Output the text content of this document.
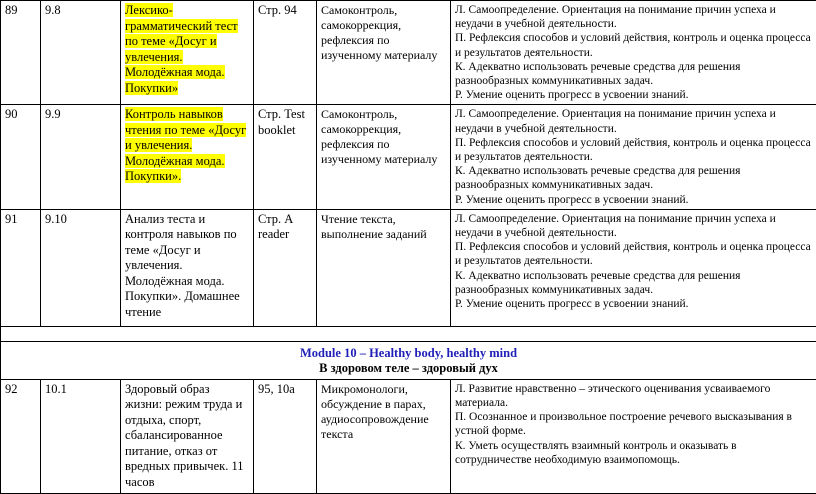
89	9.8	Лексико-грамматический тест по теме «Досуг и увлечения. Молодёжная мода. Покупки»	Стр. 94	Самоконтроль, самокоррекция, рефлексия по изученному материалу	Л. Самоопределение. Ориентация на понимание причин успеха и неудачи в учебной деятельности.
П. Рефлексия способов и условий действия, контроль и оценка процесса и результатов деятельности.
К. Адекватно использовать речевые средства для решения разнообразных коммуникативных задач.
Р. Умение оценить прогресс в усвоении знаний.

90	9.9	Контроль навыков чтения по теме «Досуг и увлечения. Молодёжная мода. Покупки».	Стр. Test booklet	Самоконтроль, самокоррекция, рефлексия по изученному материалу	Л. Самоопределение. Ориентация на понимание причин успеха и неудачи в учебной деятельности.
П. Рефлексия способов и условий действия, контроль и оценка процесса и результатов деятельности.
К. Адекватно использовать речевые средства для решения разнообразных коммуникативных задач.
Р. Умение оценить прогресс в усвоении знаний.

91	9.10	Анализ теста и контроля навыков по теме «Досуг и увлечения. Молодёжная мода. Покупки». Домашнее чтение	Стр. A reader	Чтение текста, выполнение заданий	Л. Самоопределение. Ориентация на понимание причин успеха и неудачи в учебной деятельности.
П. Рефлексия способов и условий действия, контроль и оценка процесса и результатов деятельности.
К. Адекватно использовать речевые средства для решения разнообразных коммуникативных задач.
Р. Умение оценить прогресс в усвоении знаний.

Module 10 – Healthy body, healthy mind
В здоровом теле – здоровый дух					

92	10.1	Здоровый образ жизни: режим труда и отдыха, спорт, сбалансированное питание, отказ от вредных привычек. 11 часов	95, 10а	Микромонологи, обсуждение в парах, аудиосопровождение текста	Л. Развитие нравственно – этического оценивания усваиваемого материала.
П. Осознанное и произвольное построение речевого высказывания в устной форме.
К. Уметь осуществлять взаимный контроль и оказывать в сотрудничестве необходимую взаимопомощь.
